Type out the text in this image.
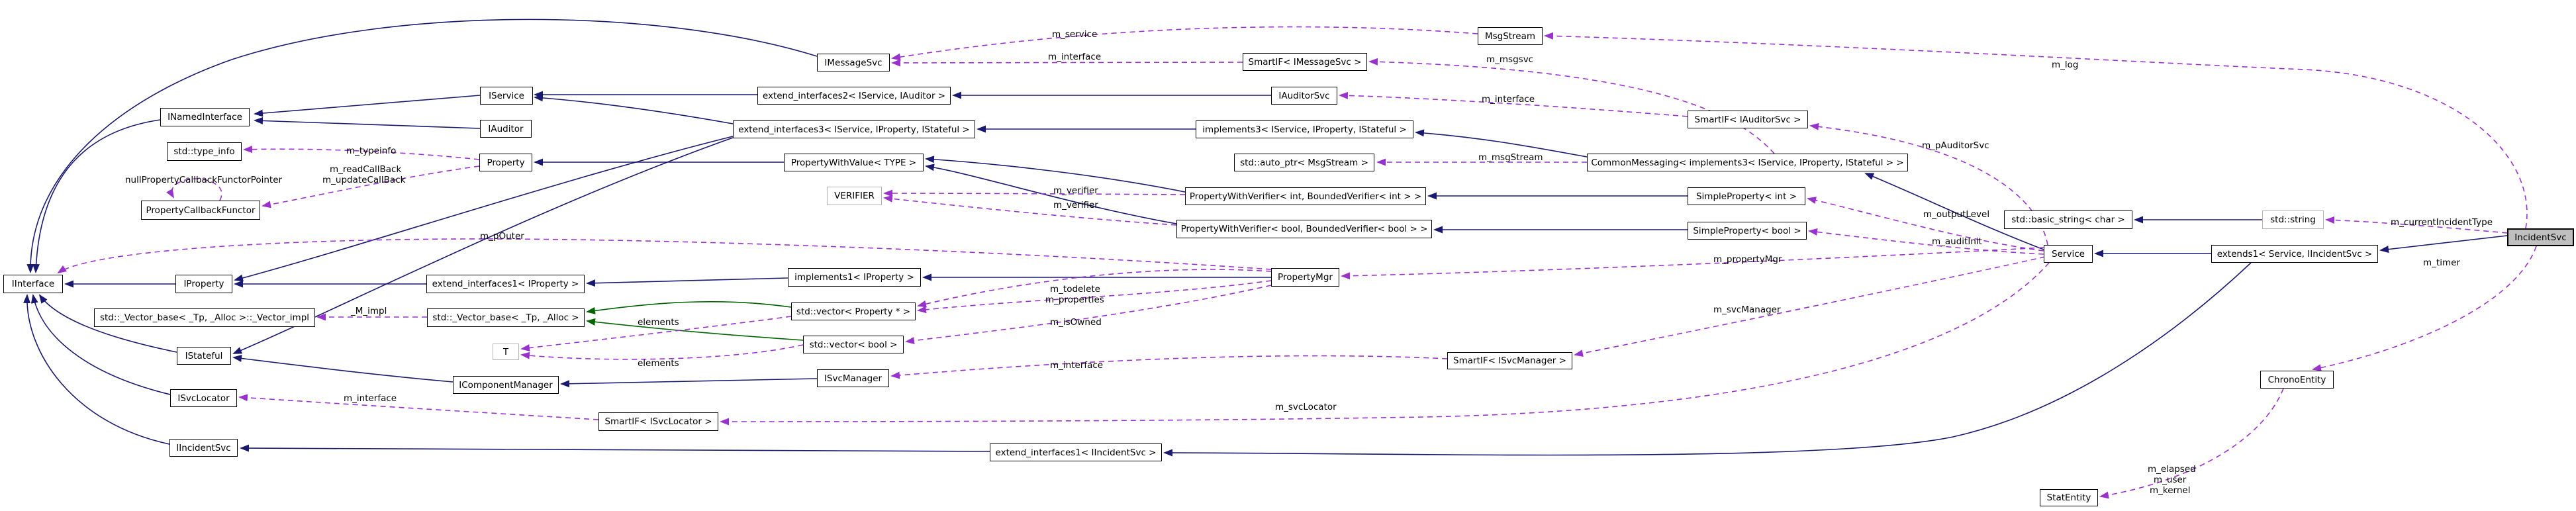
IInterface
INamedInterface
std::type_info
PropertyCallbackFunctor
IService
IAuditor
Property
IProperty
IStateful
ISvcLocator
IIncidentSvc
IMessageSvc
extend_interfaces2< IService, IAuditor >
extend_interfaces3< IService, IProperty, IStateful >
PropertyWithValue< TYPE >
VERIFIER
extend_interfaces1< IProperty >
std::_Vector_base< _Tp, _Alloc >::_Vector_impl	std::_Vector_base< _Tp, _Alloc >
T
IComponentManager
implements1< IProperty >	PropertyMgr
std::vector< Property * >
std::vector< bool >
ISvcManager
SmartIF< ISvcLocator >
extend_interfaces1< IIncidentSvc >
SmartIF< IMessageSvc >
IAuditorSvc
implements3< IService, IProperty, IStateful >
std::auto_ptr< MsgStream >
PropertyWithVerifier< int, BoundedVerifier< int > >
PropertyWithVerifier< bool, BoundedVerifier< bool > >
MsgStream
SmartIF< IAuditorSvc >
CommonMessaging< implements3< IService, IProperty, IStateful > >
SimpleProperty< int >
SimpleProperty< bool >
SmartIF< ISvcManager >
std::basic_string< char >	std::string
Service	extends1< Service, IIncidentSvc >
IncidentSvc
ChronoEntity
StatEntity
m_service
m_interface	m_msgsvc	m_log
m_interface
m_pAuditorSvc
m_typeinfo
m_readCallBack
m_updateCallBack
nullPropertyCallbackFunctorPointer
m_msgStream
m_verifier
m_verifier
m_outputLevel
m_auditInit
m_currentIncidentType
m_pOuter
m_propertyMgr	m_timer
m_todelete
m_properties
_M_impl
m_isOwned
elements
elements
m_svcManager
m_interface
m_interface
m_svcLocator
m_elapsed
m_user
m_kernel
